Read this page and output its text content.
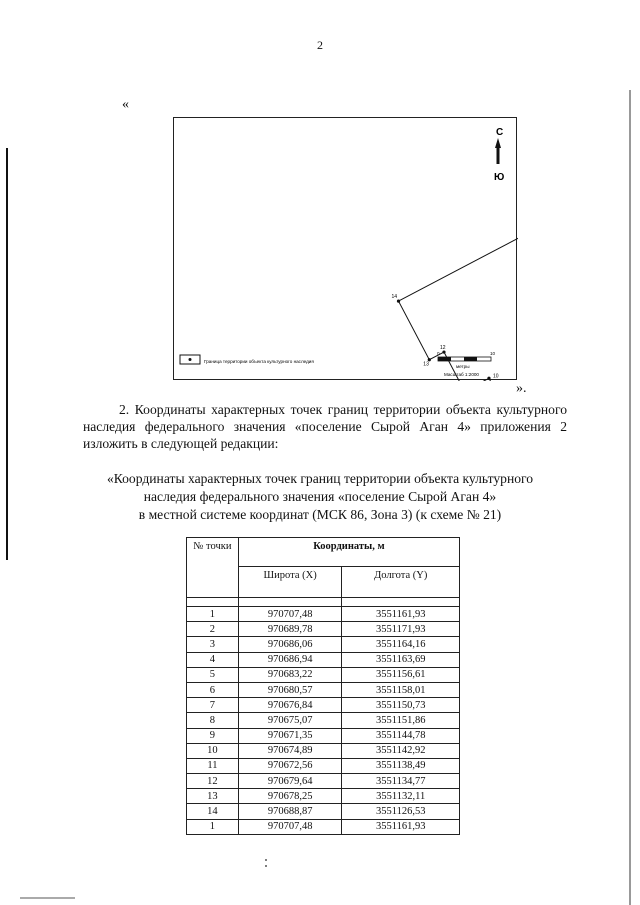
2
«
10
12
13
14
С
Ю
Граница территории объекта культурного наследия
0	10
метры
Масштаб 1:2000
».

2. Координаты характерных точек границ территории объекта культурного наследия федерального значения «поселение Сырой Аган 4» приложения 2 изложить в следующей редакции:

«Координаты характерных точек границ территории объекта культурного
наследия федерального значения «поселение Сырой Аган 4»
в местной системе координат (МСК 86, Зона 3) (к схеме № 21)
№ точки	Координаты, м	
	Широта (X)	Долгота (Y)

1	970707,48	3551161,93
2	970689,78	3551171,93
3	970686,06	3551164,16
4	970686,94	3551163,69
5	970683,22	3551156,61
6	970680,57	3551158,01
7	970676,84	3551150,73
8	970675,07	3551151,86
9	970671,35	3551144,78
10	970674,89	3551142,92
11	970672,56	3551138,49
12	970679,64	3551134,77
13	970678,25	3551132,11
14	970688,87	3551126,53
1	970707,48	3551161,93
